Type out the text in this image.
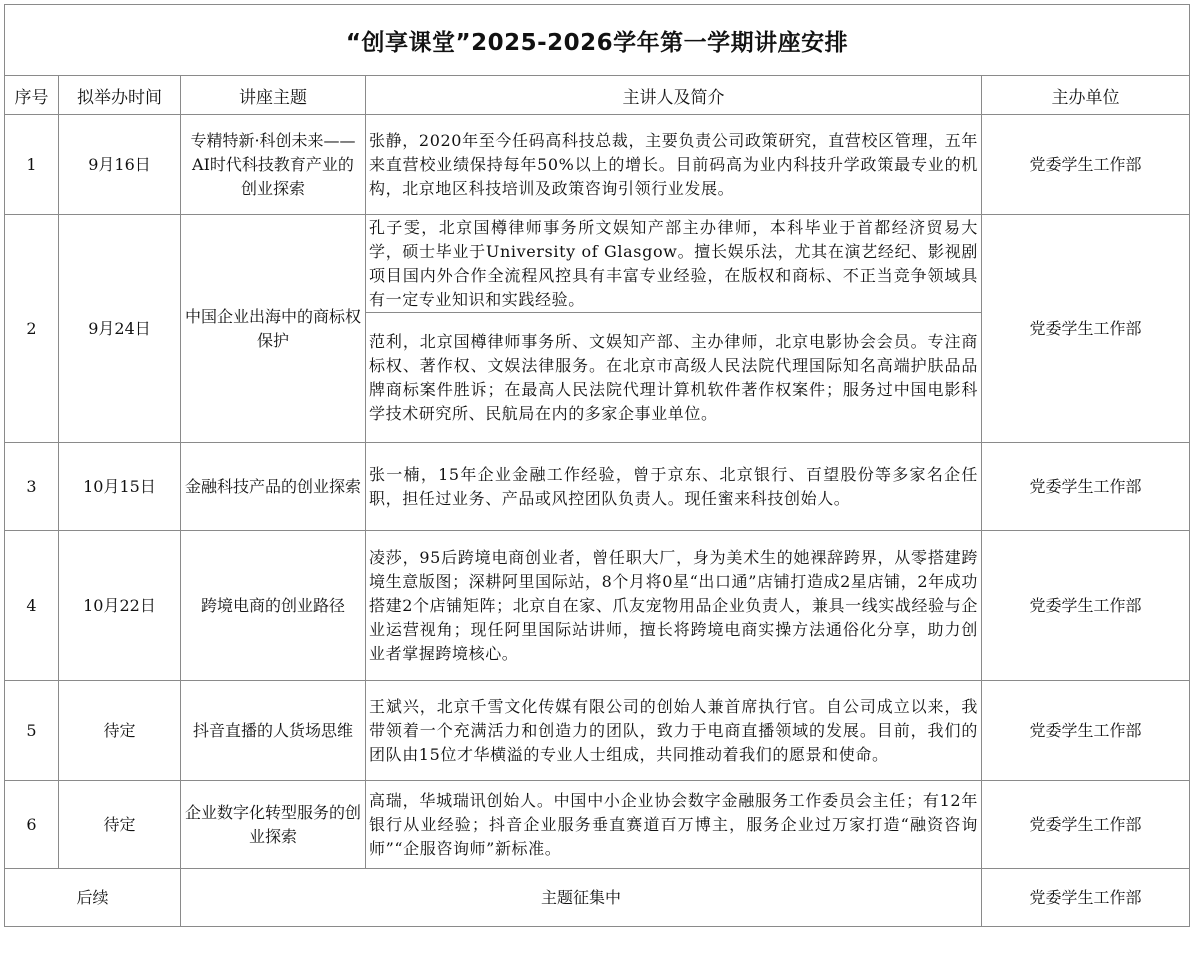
“创享课堂”2025-2026学年第一学期讲座安排				
序号	拟举办时间	讲座主题	主讲人及简介	主办单位
1	9月16日	专精特新·科创未来——AI时代科技教育产业的创业探索	张静，2020年至今任码高科技总裁，主要负责公司政策研究，直营校区管理，五年来直营校业绩保持每年50%以上的增长。目前码高为业内科技升学政策最专业的机构，北京地区科技培训及政策咨询引领行业发展。	党委学生工作部
2	9月24日	中国企业出海中的商标权保护	孔子雯，北京国樽律师事务所文娱知产部主办律师，本科毕业于首都经济贸易大学，硕士毕业于University of Glasgow。擅长娱乐法，尤其在演艺经纪、影视剧项目国内外合作全流程风控具有丰富专业经验，在版权和商标、不正当竞争领域具有一定专业知识和实践经验。	党委学生工作部
			范利，北京国樽律师事务所、文娱知产部、主办律师，北京电影协会会员。专注商标权、著作权、文娱法律服务。在北京市高级人民法院代理国际知名高端护肤品品牌商标案件胜诉；在最高人民法院代理计算机软件著作权案件；服务过中国电影科学技术研究所、民航局在内的多家企事业单位。	
3	10月15日	金融科技产品的创业探索	张一楠，15年企业金融工作经验，曾于京东、北京银行、百望股份等多家名企任职，担任过业务、产品或风控团队负责人。现任蜜来科技创始人。	党委学生工作部
4	10月22日	跨境电商的创业路径	凌莎，95后跨境电商创业者，曾任职大厂，身为美术生的她裸辞跨界，从零搭建跨境生意版图；深耕阿里国际站，8个月将0星“出口通”店铺打造成2星店铺，2年成功搭建2个店铺矩阵；北京自在家、爪友宠物用品企业负责人，兼具一线实战经验与企业运营视角；现任阿里国际站讲师，擅长将跨境电商实操方法通俗化分享，助力创业者掌握跨境核心。	党委学生工作部
5	待定	抖音直播的人货场思维	王斌兴，北京千雪文化传媒有限公司的创始人兼首席执行官。自公司成立以来，我带领着一个充满活力和创造力的团队，致力于电商直播领域的发展。目前，我们的团队由15位才华横溢的专业人士组成，共同推动着我们的愿景和使命。	党委学生工作部
6	待定	企业数字化转型服务的创业探索	高瑞，华城瑞讯创始人。中国中小企业协会数字金融服务工作委员会主任；有12年银行从业经验；抖音企业服务垂直赛道百万博主，服务企业过万家打造“融资咨询师”“企服咨询师”新标准。	党委学生工作部
后续		主题征集中		党委学生工作部
